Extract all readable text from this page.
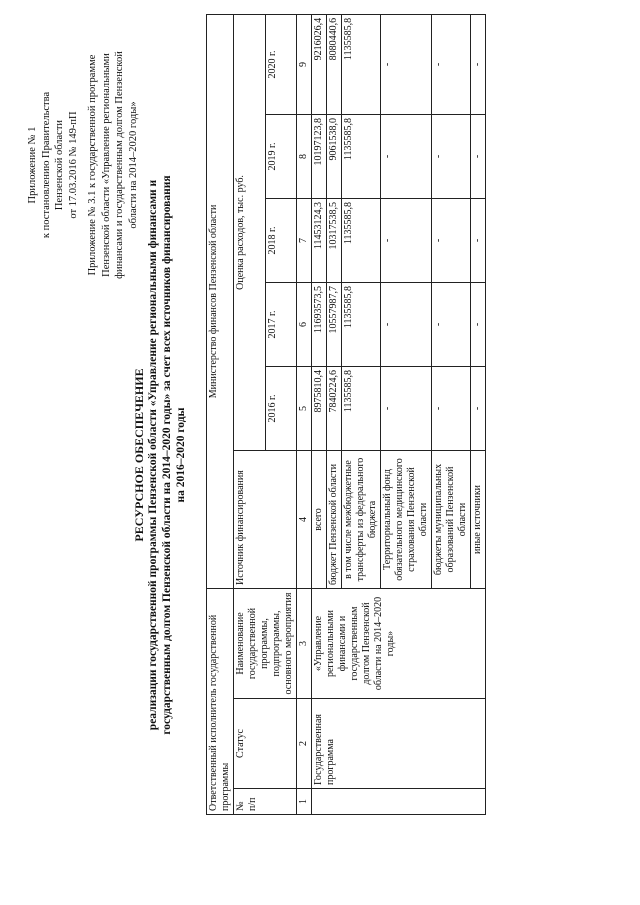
Приложение № 1 к постановлению Правительства Пензенской области от 17.03.2016 № 149-пП Приложение № 3.1 к государственной программе Пензенской области «Управление региональными финансами и государственным долгом Пензенской области на 2014–2020 годы»
РЕСУРСНОЕ ОБЕСПЕЧЕНИЕ реализации государственной программы Пензенской области «Управление региональными финансами и государственным долгом Пензенской области на 2014–2020 годы» за счет всех источников финансирования на 2016–2020 годы
Ответственный исполнитель государственной программы			Министерство финансов Пензенской области					
№ п/п	Статус	Наименование государственной программы, подпрограммы, основного мероприятия	Источник финансирования	Оценка расходов, тыс. руб.				
				2016 г.	2017 г.	2018 г.	2019 г.	2020 г.
1	2	3	4	5	6	7	8	9
	Государственная программа	«Управление региональными финансами и государственным долгом Пензенской области на 2014–2020 годы»	всего	8975810,4	11693573,5	11453124,3	10197123,8	9216026,4
			бюджет Пензенской области	7840224,6	10557987,7	10317538,5	9061538,0	8080440,6
			в том числе межбюджетные трансферты из федерального бюджета	1135585,8	1135585,8	1135585,8	1135585,8	1135585,8
			Территориальный фонд обязательного медицинского страхования Пензенской области	-	-	-	-	-
			бюджеты муниципальных образований Пензенской области	-	-	-	-	-
			иные источники	-	-	-	-	-
